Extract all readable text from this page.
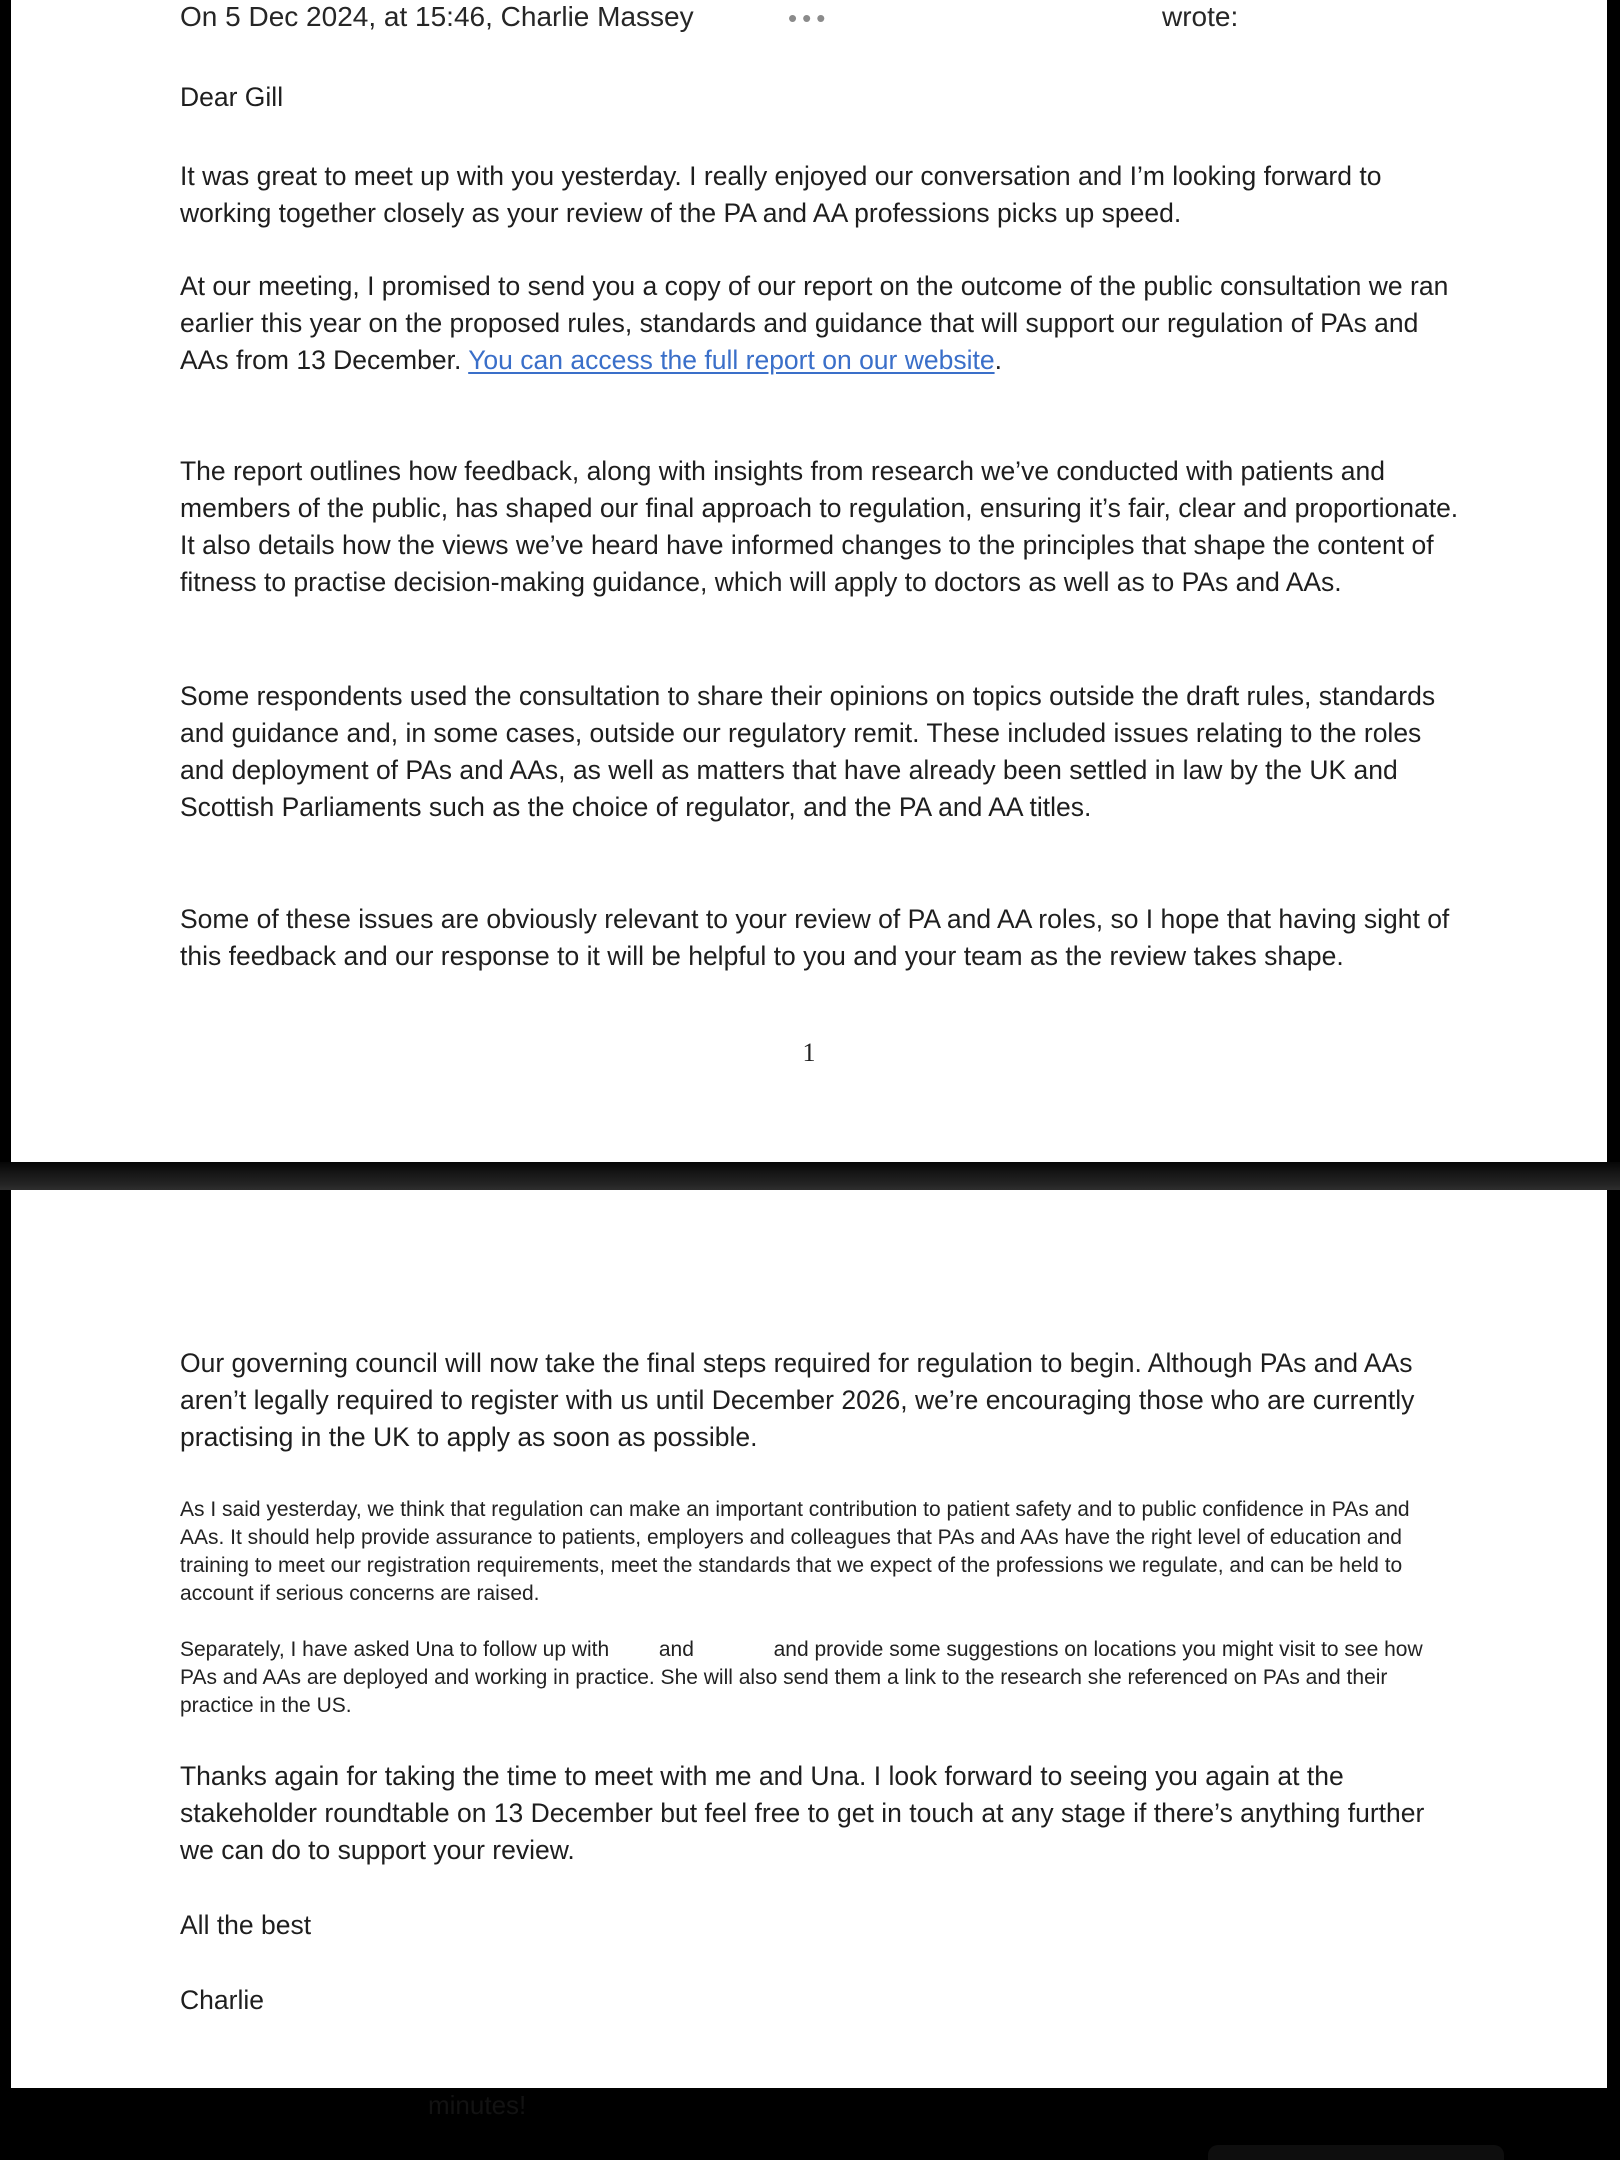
On 5 Dec 2024, at 15:46, Charlie Massey	•••	wrote:
Dear Gill
It was great to meet up with you yesterday. I really enjoyed our conversation and I’m looking forward to working together closely as your review of the PA and AA professions picks up speed.
At our meeting, I promised to send you a copy of our report on the outcome of the public consultation we ran earlier this year on the proposed rules, standards and guidance that will support our regulation of PAs and AAs from 13 December. You can access the full report on our website.
The report outlines how feedback, along with insights from research we’ve conducted with patients and members of the public, has shaped our final approach to regulation, ensuring it’s fair, clear and proportionate. It also details how the views we’ve heard have informed changes to the principles that shape the content of fitness to practise decision-making guidance, which will apply to doctors as well as to PAs and AAs.
Some respondents used the consultation to share their opinions on topics outside the draft rules, standards and guidance and, in some cases, outside our regulatory remit. These included issues relating to the roles and deployment of PAs and AAs, as well as matters that have already been settled in law by the UK and Scottish Parliaments such as the choice of regulator, and the PA and AA titles.
Some of these issues are obviously relevant to your review of PA and AA roles, so I hope that having sight of this feedback and our response to it will be helpful to you and your team as the review takes shape.
1
Our governing council will now take the final steps required for regulation to begin. Although PAs and AAs aren’t legally required to register with us until December 2026, we’re encouraging those who are currently practising in the UK to apply as soon as possible.
As I said yesterday, we think that regulation can make an important contribution to patient safety and to public confidence in PAs and AAs. It should help provide assurance to patients, employers and colleagues that PAs and AAs have the right level of education and training to meet our registration requirements, meet the standards that we expect of the professions we regulate, and can be held to account if serious concerns are raised.
Separately, I have asked Una to follow up with and	and provide some suggestions on locations you might visit to see how PAs and AAs are deployed and working in practice. She will also send them a link to the research she referenced on PAs and their practice in the US.
Thanks again for taking the time to meet with me and Una. I look forward to seeing you again at the stakeholder roundtable on 13 December but feel free to get in touch at any stage if there’s anything further we can do to support your review.
All the best
Charlie
minutes!
